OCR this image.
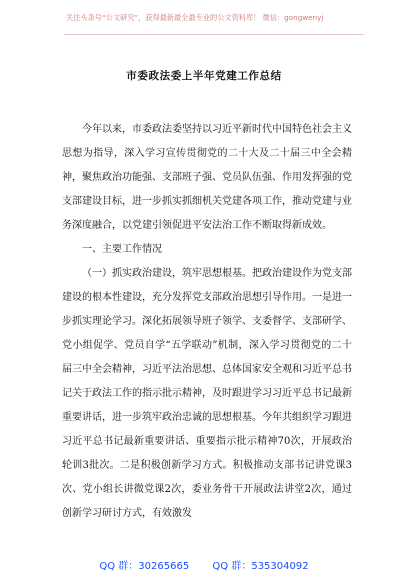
关注头条号“公文研究”，获得最新最全最专业的公文资料库！ 微信：gongwenyj
市委政法委上半年党建工作总结

今年以来，市委政法委坚持以习近平新时代中国特色社会主义思想为指导，深入学习宣传贯彻党的二十大及二十届三中全会精神，聚焦政治功能强、支部班子强、党员队伍强、作用发挥强的党支部建设目标，进一步抓实抓细机关党建各项工作，推动党建与业务深度融合，以党建引领促进平安法治工作不断取得新成效。

一、主要工作情况

（一）抓实政治建设，筑牢思想根基。把政治建设作为党支部建设的根本性建设，充分发挥党支部政治思想引导作用。一是进一步抓实理论学习。深化拓展领导班子领学、支委督学、支部研学、党小组促学、党员自学“五学联动”机制，深入学习贯彻党的二十届三中全会精神，习近平法治思想、总体国家安全观和习近平总书记关于政法工作的指示批示精神，及时跟进学习习近平总书记最新重要讲话，进一步筑牢政治忠诚的思想根基。今年共组织学习跟进习近平总书记最新重要讲话、重要指示批示精神70次，开展政治轮训3批次。二是积极创新学习方式。积极推动支部书记讲党课3次、党小组长讲微党课2次，委业务骨干开展政法讲堂2次，通过创新学习研讨方式，有效激发

QQ 群：30265665 QQ 群：535304092
